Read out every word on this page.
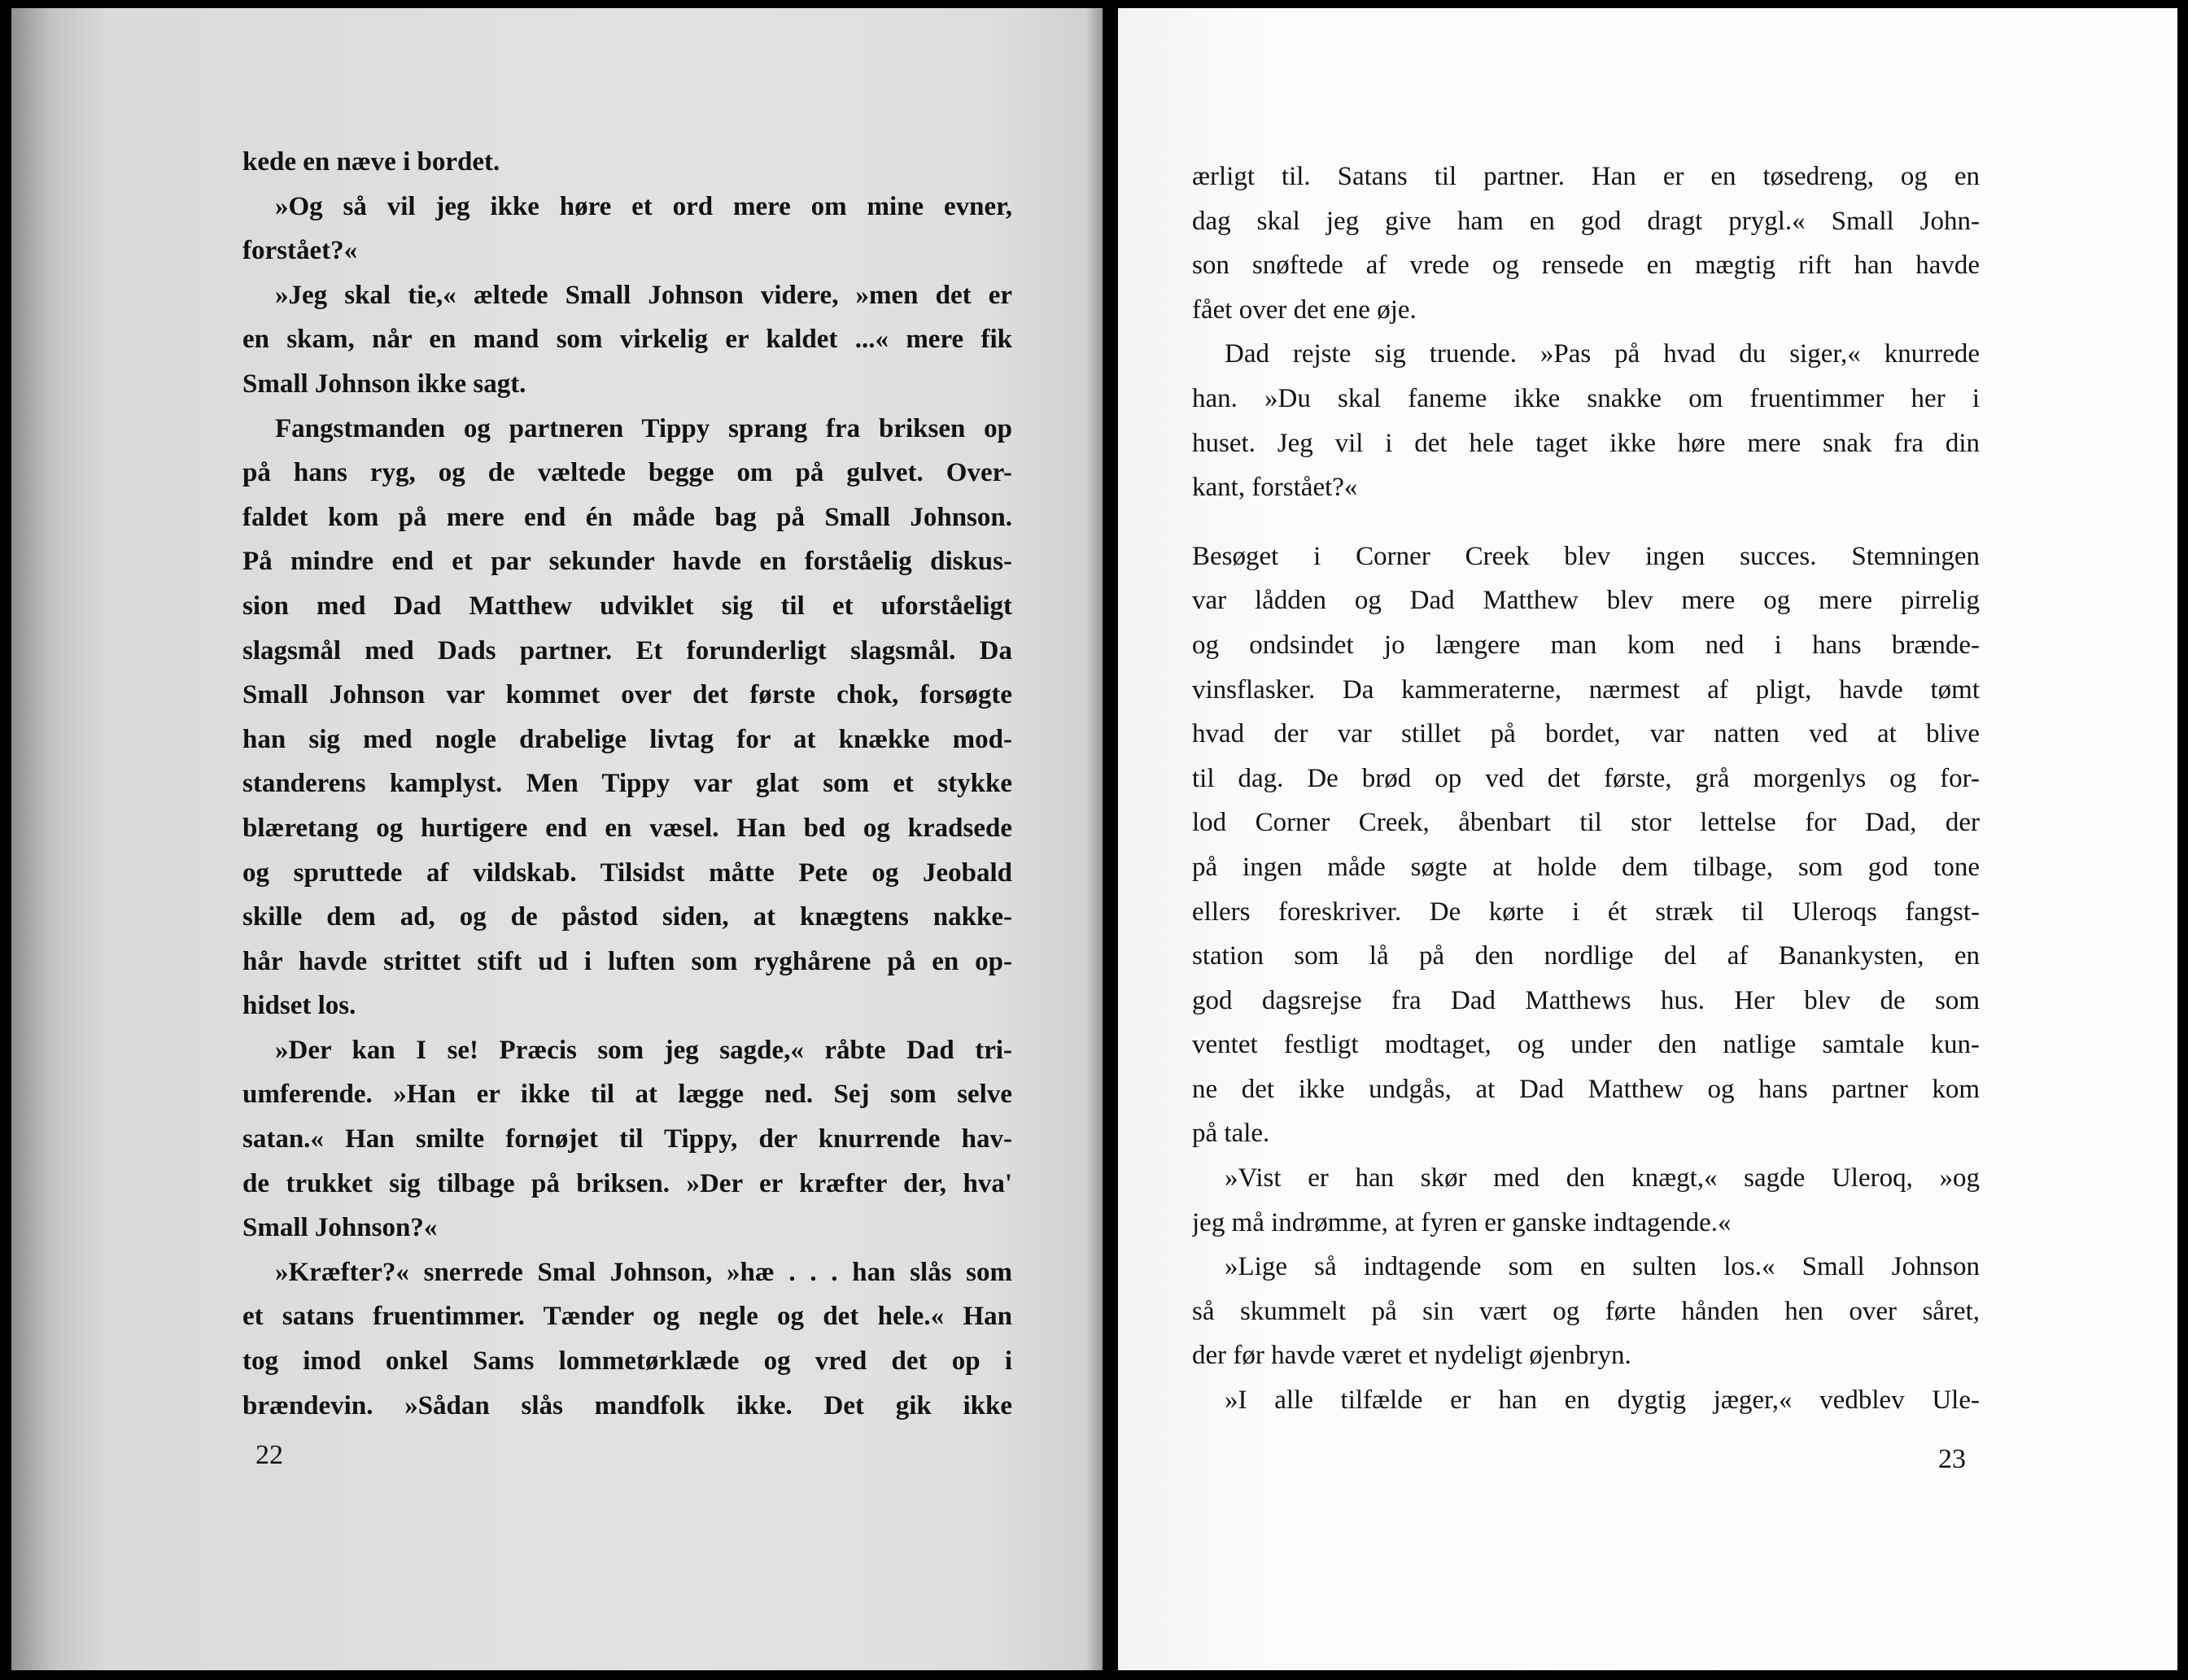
kede en næve i bordet.
»Og så vil jeg ikke høre et ord mere om mine evner,
forstået?«
»Jeg skal tie,« æltede Small Johnson videre, »men det er
en skam, når en mand som virkelig er kaldet ...« mere fik
Small Johnson ikke sagt.
Fangstmanden og partneren Tippy sprang fra briksen op
på hans ryg, og de væltede begge om på gulvet. Over-
faldet kom på mere end én måde bag på Small Johnson.
På mindre end et par sekunder havde en forståelig diskus-
sion med Dad Matthew udviklet sig til et uforståeligt
slagsmål med Dads partner. Et forunderligt slagsmål. Da
Small Johnson var kommet over det første chok, forsøgte
han sig med nogle drabelige livtag for at knække mod-
standerens kamplyst. Men Tippy var glat som et stykke
blæretang og hurtigere end en væsel. Han bed og kradsede
og spruttede af vildskab. Tilsidst måtte Pete og Jeobald
skille dem ad, og de påstod siden, at knægtens nakke-
hår havde strittet stift ud i luften som ryghårene på en op-
hidset los.
»Der kan I se! Præcis som jeg sagde,« råbte Dad tri-
umferende. »Han er ikke til at lægge ned. Sej som selve
satan.« Han smilte fornøjet til Tippy, der knurrende hav-
de trukket sig tilbage på briksen. »Der er kræfter der, hva'
Small Johnson?«
»Kræfter?« snerrede Smal Johnson, »hæ . . . han slås som
et satans fruentimmer. Tænder og negle og det hele.« Han
tog imod onkel Sams lommetørklæde og vred det op i
brændevin. »Sådan slås mandfolk ikke. Det gik ikke
22
ærligt til. Satans til partner. Han er en tøsedreng, og en
dag skal jeg give ham en god dragt prygl.« Small John-
son snøftede af vrede og rensede en mægtig rift han havde
fået over det ene øje.
Dad rejste sig truende. »Pas på hvad du siger,« knurrede
han. »Du skal faneme ikke snakke om fruentimmer her i
huset. Jeg vil i det hele taget ikke høre mere snak fra din
kant, forstået?«
Besøget i Corner Creek blev ingen succes. Stemningen
var lådden og Dad Matthew blev mere og mere pirrelig
og ondsindet jo længere man kom ned i hans brænde-
vinsflasker. Da kammeraterne, nærmest af pligt, havde tømt
hvad der var stillet på bordet, var natten ved at blive
til dag. De brød op ved det første, grå morgenlys og for-
lod Corner Creek, åbenbart til stor lettelse for Dad, der
på ingen måde søgte at holde dem tilbage, som god tone
ellers foreskriver. De kørte i ét stræk til Uleroqs fangst-
station som lå på den nordlige del af Banankysten, en
god dagsrejse fra Dad Matthews hus. Her blev de som
ventet festligt modtaget, og under den natlige samtale kun-
ne det ikke undgås, at Dad Matthew og hans partner kom
på tale.
»Vist er han skør med den knægt,« sagde Uleroq, »og
jeg må indrømme, at fyren er ganske indtagende.«
»Lige så indtagende som en sulten los.« Small Johnson
så skummelt på sin vært og førte hånden hen over såret,
der før havde været et nydeligt øjenbryn.
»I alle tilfælde er han en dygtig jæger,« vedblev Ule-
23
